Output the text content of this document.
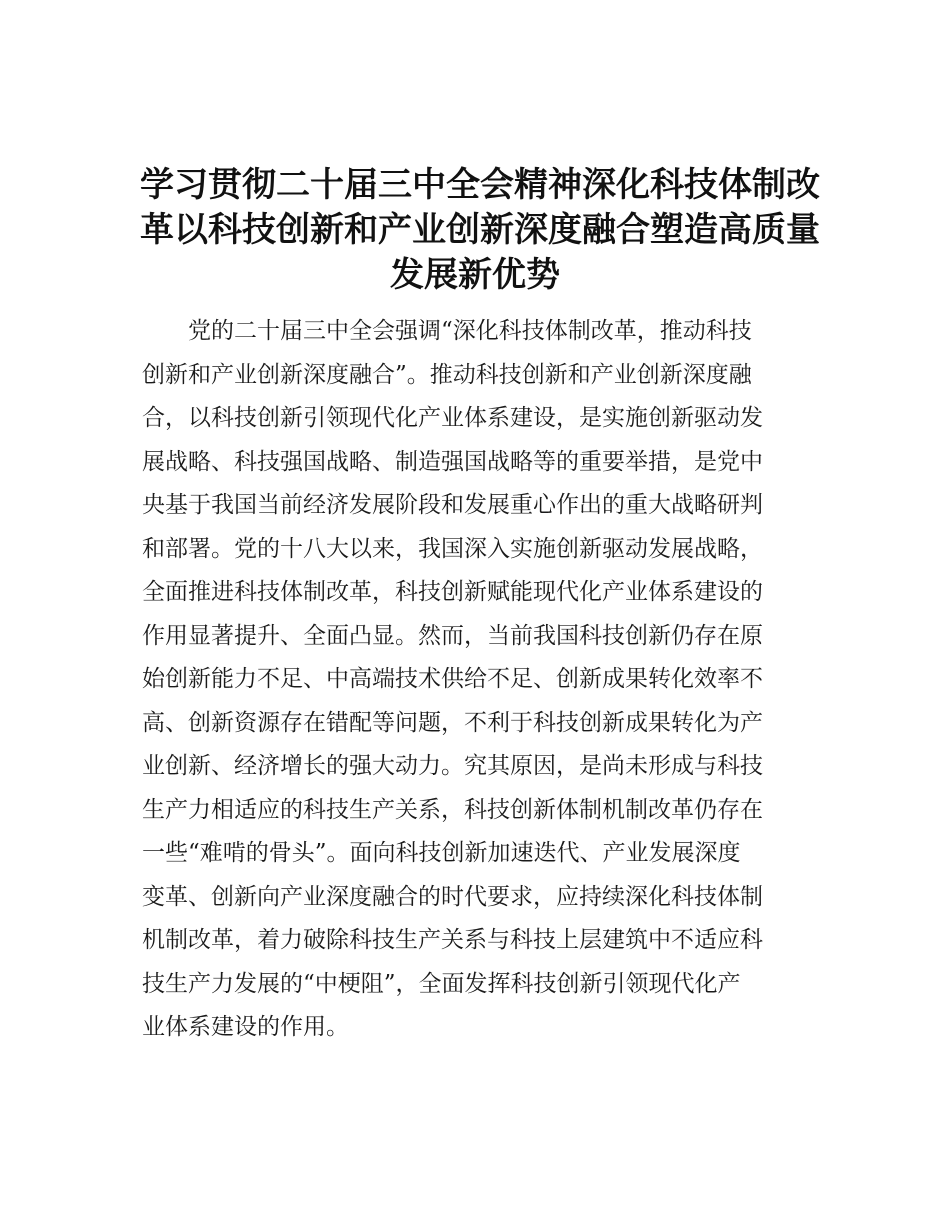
学习贯彻二十届三中全会精神深化科技体制改
革以科技创新和产业创新深度融合塑造高质量
发展新优势
党的二十届三中全会强调“深化科技体制改革，推动科技
创新和产业创新深度融合”。推动科技创新和产业创新深度融
合，以科技创新引领现代化产业体系建设，是实施创新驱动发
展战略、科技强国战略、制造强国战略等的重要举措，是党中
央基于我国当前经济发展阶段和发展重心作出的重大战略研判
和部署。党的十八大以来，我国深入实施创新驱动发展战略，
全面推进科技体制改革，科技创新赋能现代化产业体系建设的
作用显著提升、全面凸显。然而，当前我国科技创新仍存在原
始创新能力不足、中高端技术供给不足、创新成果转化效率不
高、创新资源存在错配等问题，不利于科技创新成果转化为产
业创新、经济增长的强大动力。究其原因，是尚未形成与科技
生产力相适应的科技生产关系，科技创新体制机制改革仍存在
一些“难啃的骨头”。面向科技创新加速迭代、产业发展深度
变革、创新向产业深度融合的时代要求，应持续深化科技体制
机制改革，着力破除科技生产关系与科技上层建筑中不适应科
技生产力发展的“中梗阻”，全面发挥科技创新引领现代化产
业体系建设的作用。
